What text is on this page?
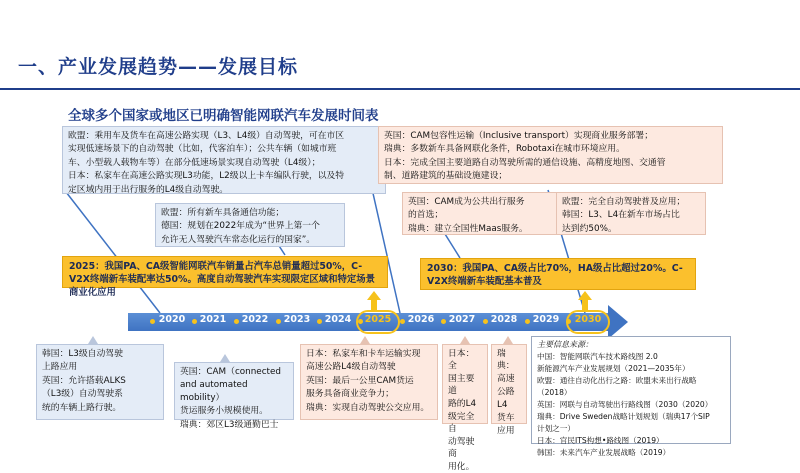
一、产业发展趋势——发展目标
全球多个国家或地区已明确智能网联汽车发展时间表

欧盟：乘用车及货车在高速公路实现（L3、L4级）自动驾驶，可在市区

实现低速场景下的自动驾驶（比如，代客泊车）；公共车辆（如城市班

车、小型载人载物车等）在部分低速场景实现自动驾驶（L4级）；

日本：私家车在高速公路实现L3功能，L2级以上卡车编队行驶，以及特

定区域内用于出行服务的L4级自动驾驶。

欧盟：所有新车具备通信功能；

德国：规划在2022年成为“世界上第一个

允许无人驾驶汽车常态化运行的国家”。

英国：CAM包容性运输（Inclusive transport）实现商业服务部署；

瑞典：多数新车具备网联化条件，Robotaxi在城市环境应用。

日本：完成全国主要道路自动驾驶所需的通信设施、高精度地图、交通管

制、道路建筑的基础设施建设；

英国：CAM成为公共出行服务

的首选；

瑞典：建立全国性Maas服务。

欧盟：完全自动驾驶普及应用；

韩国：L3、L4在新车市场占比

达到约50%。

2025：我国PA、CA级智能网联汽车销量占汽车总销量超过50%，C-V2X终端新车装配率达50%。高度自动驾驶汽车实现限定区域和特定场景商业化应用
2030：我国PA、CA级占比70%，HA级占比超过20%。C-V2X终端新车装配基本普及
2020	2021	2022	2023	2024	2025	2026	2027	2028	2029	2030

韩国：L3级自动驾驶

上路应用

英国：允许搭载ALKS

（L3级）自动驾驶系

统的车辆上路行驶。

英国：CAM（connected

and automated mobility）

货运服务小规模使用。

瑞典：郊区L3级通勤巴士

日本：私家车和卡车运输实现

高速公路L4级自动驾驶

英国：最后一公里CAM货运

服务具备商业竞争力；

瑞典：实现自动驾驶公交应用。

日本：全

国主要道

路的L4

级完全自

动驾驶商

用化。

瑞典：

高速

公路

L4

货车

应用

主要信息来源：

中国：智能网联汽车技术路线图 2.0

新能源汽车产业发展规划（2021—2035年）

欧盟：通往自动化出行之路：欧盟未来出行战略

（2018）

英国：网联与自动驾驶出行路线图（2030（2020）

瑞典：Drive Sweden战略计划规划（瑞典17个SIP

计划之一）

日本：官民ITS构想•路线图（2019）

韩国：未来汽车产业发展战略（2019）
